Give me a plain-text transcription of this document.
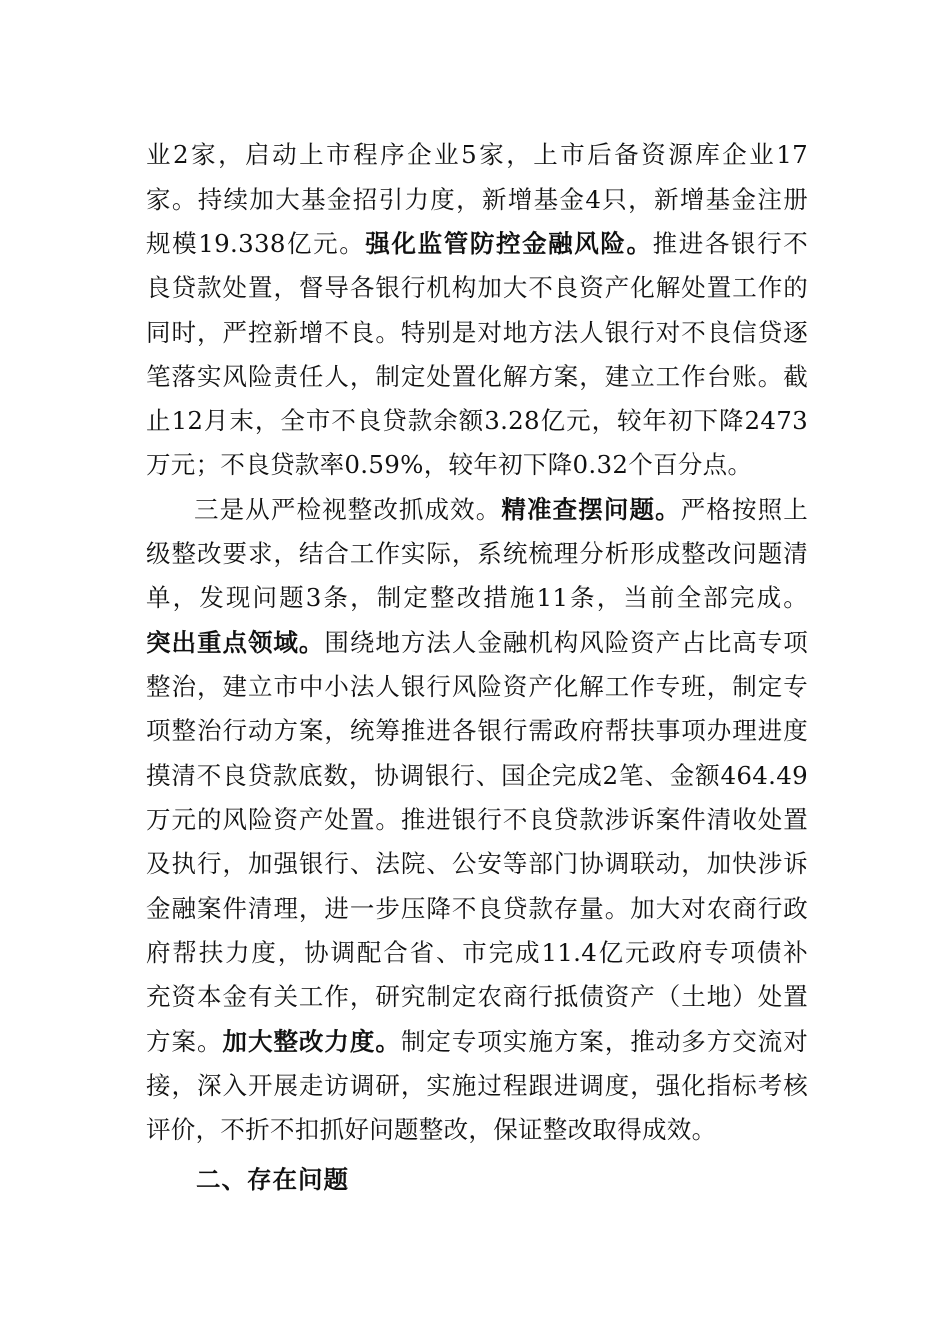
业2家，启动上市程序企业5家，上市后备资源库企业17
家。持续加大基金招引力度，新增基金4只，新增基金注册
规模19.338亿元。强化监管防控金融风险。推进各银行不
良贷款处置，督导各银行机构加大不良资产化解处置工作的
同时，严控新增不良。特别是对地方法人银行对不良信贷逐
笔落实风险责任人，制定处置化解方案，建立工作台账。截
止12月末，全市不良贷款余额3.28亿元，较年初下降2473
万元；不良贷款率0.59%，较年初下降0.32个百分点。
三是从严检视整改抓成效。精准查摆问题。严格按照上
级整改要求，结合工作实际，系统梳理分析形成整改问题清
单，发现问题3条，制定整改措施11条，当前全部完成。
突出重点领域。围绕地方法人金融机构风险资产占比高专项
整治，建立市中小法人银行风险资产化解工作专班，制定专
项整治行动方案，统筹推进各银行需政府帮扶事项办理进度
摸清不良贷款底数，协调银行、国企完成2笔、金额464.49
万元的风险资产处置。推进银行不良贷款涉诉案件清收处置
及执行，加强银行、法院、公安等部门协调联动，加快涉诉
金融案件清理，进一步压降不良贷款存量。加大对农商行政
府帮扶力度，协调配合省、市完成11.4亿元政府专项债补
充资本金有关工作，研究制定农商行抵债资产（土地）处置
方案。加大整改力度。制定专项实施方案，推动多方交流对
接，深入开展走访调研，实施过程跟进调度，强化指标考核
评价，不折不扣抓好问题整改，保证整改取得成效。
二、存在问题
